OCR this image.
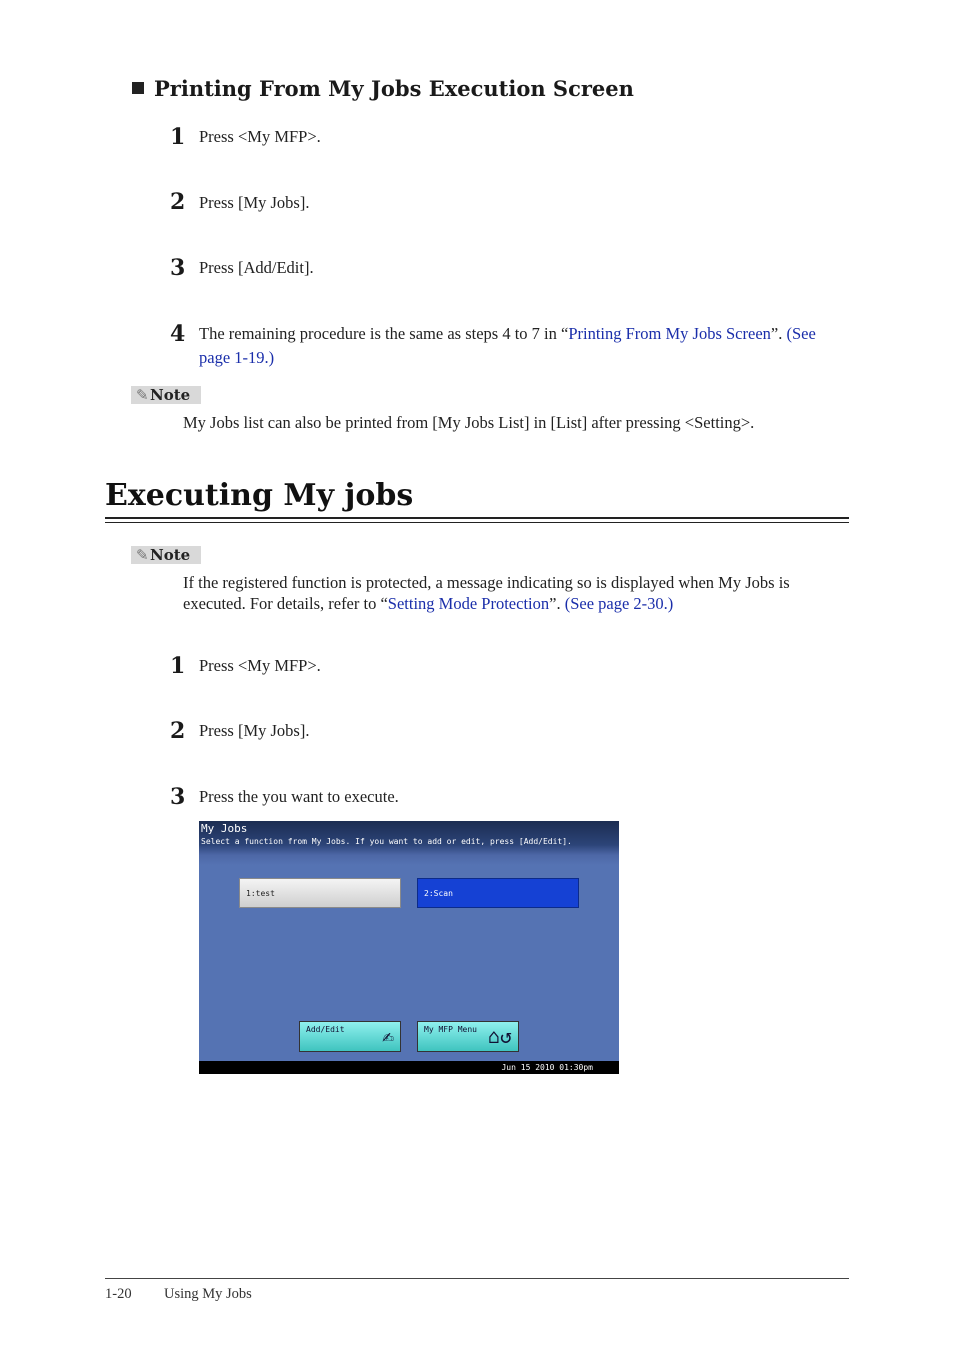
Printing From My Jobs Execution Screen
1 Press <My MFP>.
2 Press [My Jobs].
3 Press [Add/Edit].
4 The remaining procedure is the same as steps 4 to 7 in “Printing From My Jobs Screen”. (See page 1-19.)
✎Note
My Jobs list can also be printed from [My Jobs List] in [List] after pressing <Setting>.
Executing My jobs
✎Note
If the registered function is protected, a message indicating so is displayed when My Jobs is executed. For details, refer to “Setting Mode Protection”. (See page 2-30.)
1 Press <My MFP>.
2 Press [My Jobs].
3 Press the you want to execute.
My Jobs
Select a function from My Jobs. If you want to add or edit, press [Add/Edit].
1:test	2:Scan
Add/Edit ✍	My MFP Menu ⌂↺
Jun 15 2010 01:30pm
1-20 Using My Jobs
